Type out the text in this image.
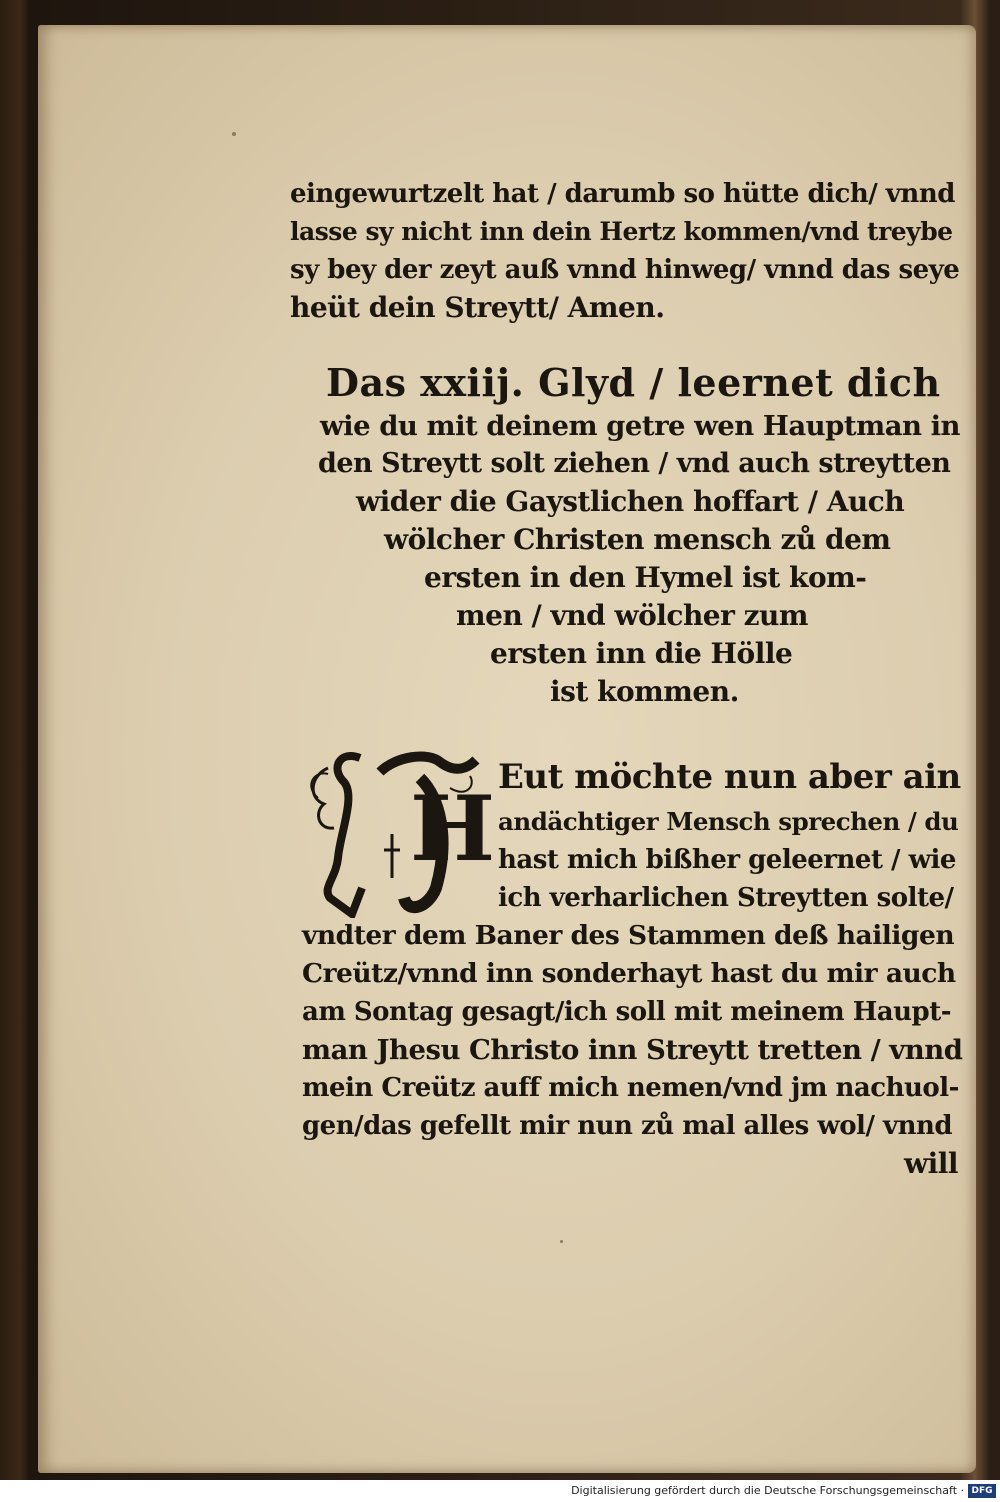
eingewurtzelt hat / darumb so hütte dich/ vnnd

lasse sy nicht inn dein Hertz kommen/vnd treybe

sy bey der zeyt auß vnnd hinweg/ vnnd das seye

heüt dein Streytt/ Amen.

Das xxiij. Glyd / leernet dich

wie du mit deinem getre wen Hauptman in

den Streytt solt ziehen / vnd auch streytten

wider die Gaystlichen hoffart / Auch

wölcher Christen mensch zů dem

ersten in den Hymel ist kom-

men / vnd wölcher zum

ersten inn die Hölle

ist kommen.

H Eut möchte nun aber ain

andächtiger Mensch sprechen / du

hast mich bißher geleernet / wie

ich verharlichen Streytten solte/

vndter dem Baner des Stammen deß hailigen

Creütz/vnnd inn sonderhayt hast du mir auch

am Sontag gesagt/ich soll mit meinem Haupt-

man Jhesu Christo inn Streytt tretten / vnnd

mein Creütz auff mich nemen/vnd jm nachuol-

gen/das gefellt mir nun zů mal alles wol/ vnnd

will

Digitalisierung gefördert durch die Deutsche Forschungsgemeinschaft · DFG
